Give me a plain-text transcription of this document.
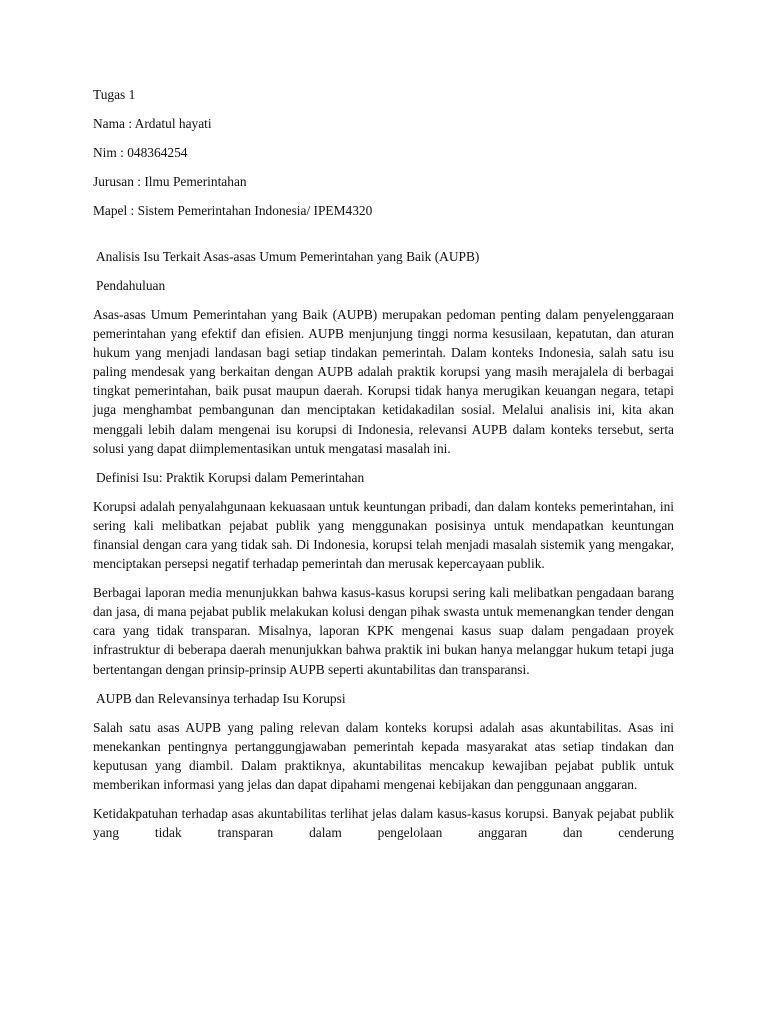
Tugas 1

Nama : Ardatul hayati

Nim : 048364254

Jurusan : Ilmu Pemerintahan

Mapel : Sistem Pemerintahan Indonesia/ IPEM4320

Analisis Isu Terkait Asas-asas Umum Pemerintahan yang Baik (AUPB)

Pendahuluan

Asas-asas Umum Pemerintahan yang Baik (AUPB) merupakan pedoman penting dalam penyelenggaraan pemerintahan yang efektif dan efisien. AUPB menjunjung tinggi norma kesusilaan, kepatutan, dan aturan hukum yang menjadi landasan bagi setiap tindakan pemerintah. Dalam konteks Indonesia, salah satu isu paling mendesak yang berkaitan dengan AUPB adalah praktik korupsi yang masih merajalela di berbagai tingkat pemerintahan, baik pusat maupun daerah. Korupsi tidak hanya merugikan keuangan negara, tetapi juga menghambat pembangunan dan menciptakan ketidakadilan sosial. Melalui analisis ini, kita akan menggali lebih dalam mengenai isu korupsi di Indonesia, relevansi AUPB dalam konteks tersebut, serta solusi yang dapat diimplementasikan untuk mengatasi masalah ini.

Definisi Isu: Praktik Korupsi dalam Pemerintahan

Korupsi adalah penyalahgunaan kekuasaan untuk keuntungan pribadi, dan dalam konteks pemerintahan, ini sering kali melibatkan pejabat publik yang menggunakan posisinya untuk mendapatkan keuntungan finansial dengan cara yang tidak sah. Di Indonesia, korupsi telah menjadi masalah sistemik yang mengakar, menciptakan persepsi negatif terhadap pemerintah dan merusak kepercayaan publik.

Berbagai laporan media menunjukkan bahwa kasus-kasus korupsi sering kali melibatkan pengadaan barang dan jasa, di mana pejabat publik melakukan kolusi dengan pihak swasta untuk memenangkan tender dengan cara yang tidak transparan. Misalnya, laporan KPK mengenai kasus suap dalam pengadaan proyek infrastruktur di beberapa daerah menunjukkan bahwa praktik ini bukan hanya melanggar hukum tetapi juga bertentangan dengan prinsip-prinsip AUPB seperti akuntabilitas dan transparansi.

AUPB dan Relevansinya terhadap Isu Korupsi

Salah satu asas AUPB yang paling relevan dalam konteks korupsi adalah asas akuntabilitas. Asas ini menekankan pentingnya pertanggungjawaban pemerintah kepada masyarakat atas setiap tindakan dan keputusan yang diambil. Dalam praktiknya, akuntabilitas mencakup kewajiban pejabat publik untuk memberikan informasi yang jelas dan dapat dipahami mengenai kebijakan dan penggunaan anggaran.

Ketidakpatuhan terhadap asas akuntabilitas terlihat jelas dalam kasus-kasus korupsi. Banyak pejabat publik yang tidak transparan dalam pengelolaan anggaran dan cenderung
